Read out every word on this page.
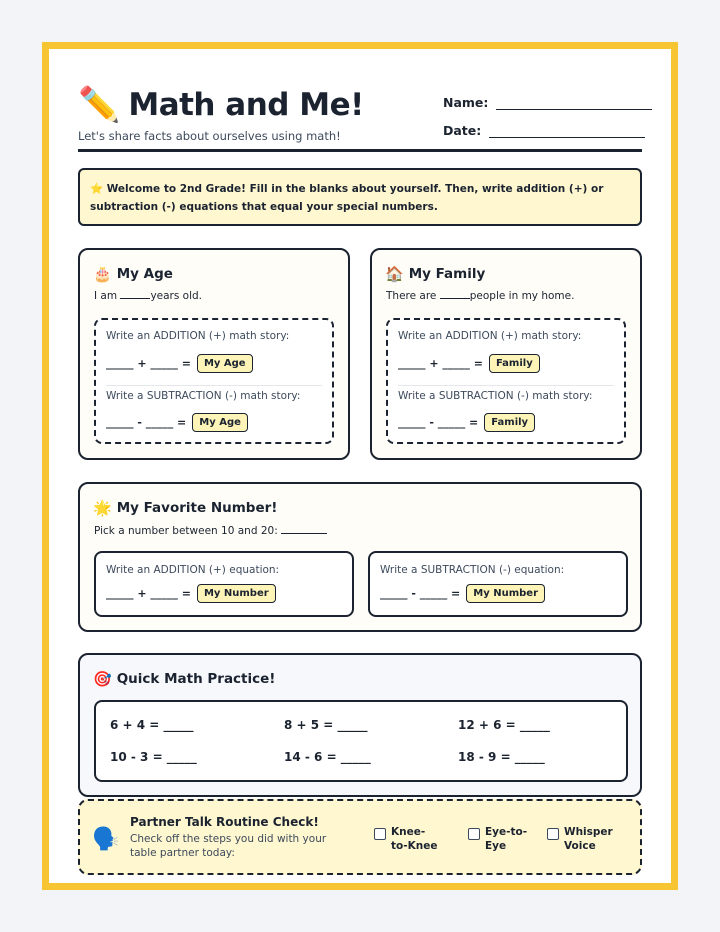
✏️ Math and Me!
Let's share facts about ourselves using math!
Name:
Date:
⭐ Welcome to 2nd Grade! Fill in the blanks about yourself. Then, write addition (+) or subtraction (-) equations that equal your special numbers.
🎂 My Age
I am	years old.
Write an ADDITION (+) math story:
_____ + _____ =	My Age
Write a SUBTRACTION (-) math story:
_____ - _____ =	My Age
🏠 My Family
There are	people in my home.
Write an ADDITION (+) math story:
_____ + _____ =	Family
Write a SUBTRACTION (-) math story:
_____ - _____ =	Family
🌟 My Favorite Number!
Pick a number between 10 and 20:
Write an ADDITION (+) equation:
_____ + _____ =	My Number
Write a SUBTRACTION (-) equation:
_____ - _____ =	My Number
🎯 Quick Math Practice!
6 + 4 = _____	8 + 5 = _____	12 + 6 = _____
10 - 3 = _____	14 - 6 = _____	18 - 9 = _____
🗣️
Partner Talk Routine Check!
Check off the steps you did with your table partner today:
Knee-to-Knee
Eye-to-Eye
Whisper Voice
